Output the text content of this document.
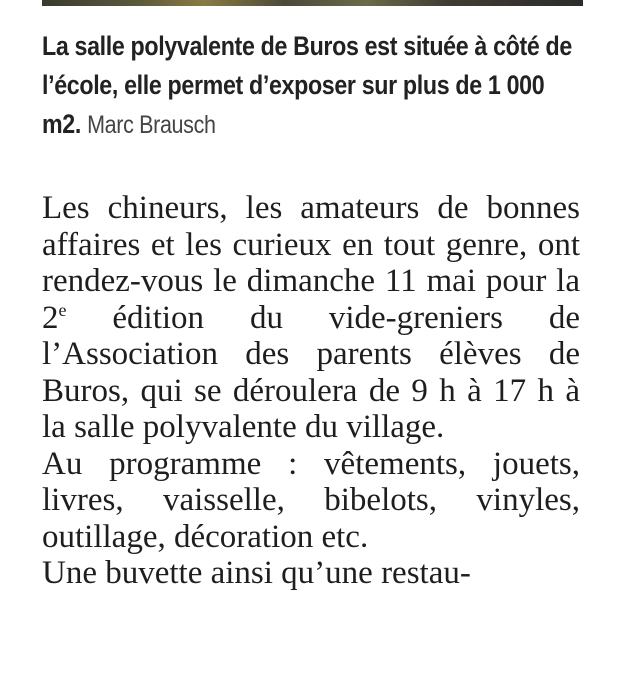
La salle polyvalente de Buros est située à côté de l’école, elle permet d’exposer sur plus de 1 000 m2. Marc Brausch

Les chineurs, les amateurs de bonnes affaires et les curieux en tout genre, ont rendez-vous le dimanche 11 mai pour la 2e édition du vide-greniers de l’Association des parents élèves de Buros, qui se déroulera de 9 h à 17 h à la salle polyvalente du village.

Au programme : vêtements, jouets, livres, vaisselle, bibelots, vinyles, outillage, décoration etc.

Une buvette ainsi qu’une restau-
